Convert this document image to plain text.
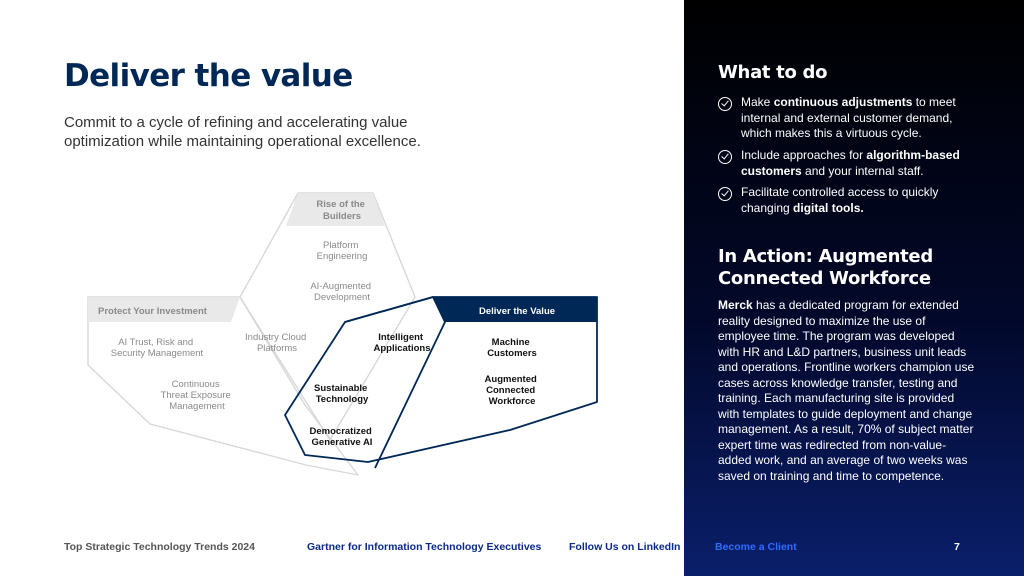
Deliver the value

Commit to a cycle of refining and accelerating value optimization while maintaining operational excellence.

Rise of the Builders
Protect Your Investment	Deliver the Value
Platform Engineering
AI-Augmented Development
Industry Cloud Platforms
AI Trust, Risk and Security Management
Continuous Threat Exposure Management
Intelligent Applications
Sustainable Technology
Democratized Generative AI
Machine Customers
Augmented Connected Workforce
What to do
Make continuous adjustments to meet internal and external customer demand, which makes this a virtuous cycle.
Include approaches for algorithm-based customers and your internal staff.
Facilitate controlled access to quickly changing digital tools.
In Action: Augmented
Connected Workforce

Merck has a dedicated program for extended reality designed to maximize the use of employee time. The program was developed with HR and L&D partners, business unit leads and operations. Frontline workers champion use cases across knowledge transfer, testing and training. Each manufacturing site is provided with templates to guide deployment and change management. As a result, 70% of subject matter expert time was redirected from non-value-added work, and an average of two weeks was saved on training and time to competence.

Top Strategic Technology Trends 2024	Gartner for Information Technology Executives	Follow Us on LinkedIn	Become a Client	7
